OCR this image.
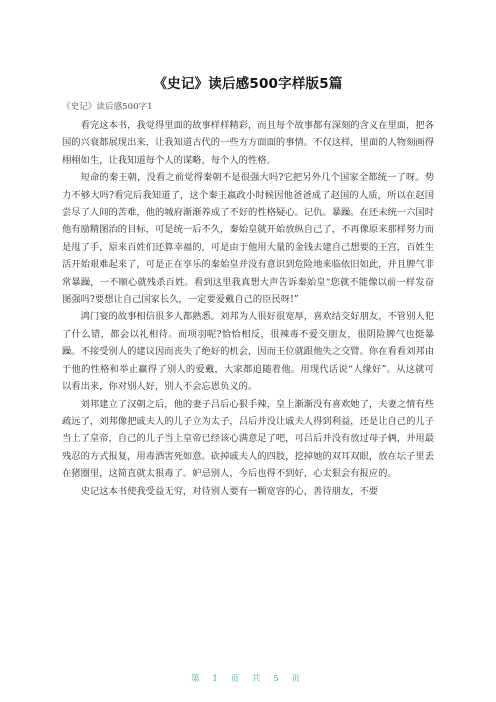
《史记》读后感500字样版5篇
《史记》读后感500字1

看完这本书，我觉得里面的故事样样精彩，而且每个故事都有深刻的含义在里面，把各国的兴衰都展现出来，让我知道古代的一些方方面面的事情。不仅这样，里面的人物刻画得栩栩如生，让我知道每个人的谋略，每个人的性格。

短命的秦王朝，没看之前觉得秦朝不是很强大吗?它把另外几个国家全都统一了呀。势力不够大吗?看完后我知道了，这个秦王嬴政小时候因他爸爸成了赵国的人质，所以在赵国尝尽了人间的苦难，他的城府渐渐养成了不好的性格疑心。记仇。暴躁。在还未统一六国时他有励精图治的目标，可是统一后不久，秦始皇就开始放纵自己了，不再像原来那样努力而是甩了手，原来百姓们还算幸福的，可是由于他用大量的金钱去建自己想要的王宫，百姓生活开始艰难起来了，可是正在享乐的秦始皇并没有意识到危险地来临依旧如此，并且脾气非常暴躁，一不顺心就残杀百姓。看到这里我真想大声告诉秦始皇“您就不能像以前一样发奋图强吗?要想让自己国家长久，一定要爱戴自己的臣民呀!”

鸿门宴的故事相信很多人都熟悉。刘邦为人很好很宽厚，喜欢结交好朋友，不管别人犯了什么错，都会以礼相待。而项羽呢?恰恰相反，很辣毒不爱交朋友，很阴险脾气也挺暴躁。不接受别人的建议因而丧失了绝好的机会，因而王位就跟他失之交臂。你在看看刘邦由于他的性格和举止赢得了别人的爱戴，大家都追随着他。用现代话说“人缘好”。从这就可以看出来，你对别人好，别人不会忘恩负义的。

刘邦建立了汉朝之后，他的妻子吕后心狠手辣，皇上渐渐没有喜欢她了，夫妻之情有些疏远了，刘邦像把戚夫人的儿子立为太子，吕后并没让戚夫人得到利益，还是让自己的儿子当上了皇帝，自己的儿子当上皇帝已经该心满意足了吧，可吕后并没有放过母子俩，并用最残忍的方式报复，用毒酒害死如意。砍掉戚夫人的四肢，挖掉她的双耳双眼，放在坛子里丢在猪圈里，这简直就太狠毒了。妒忌别人，今后也得不到好，心太狠会有报应的。

史记这本书使我受益无穷，对待别人要有一颗宽容的心，善待朋友，不要

第 1 页 共 5 页
